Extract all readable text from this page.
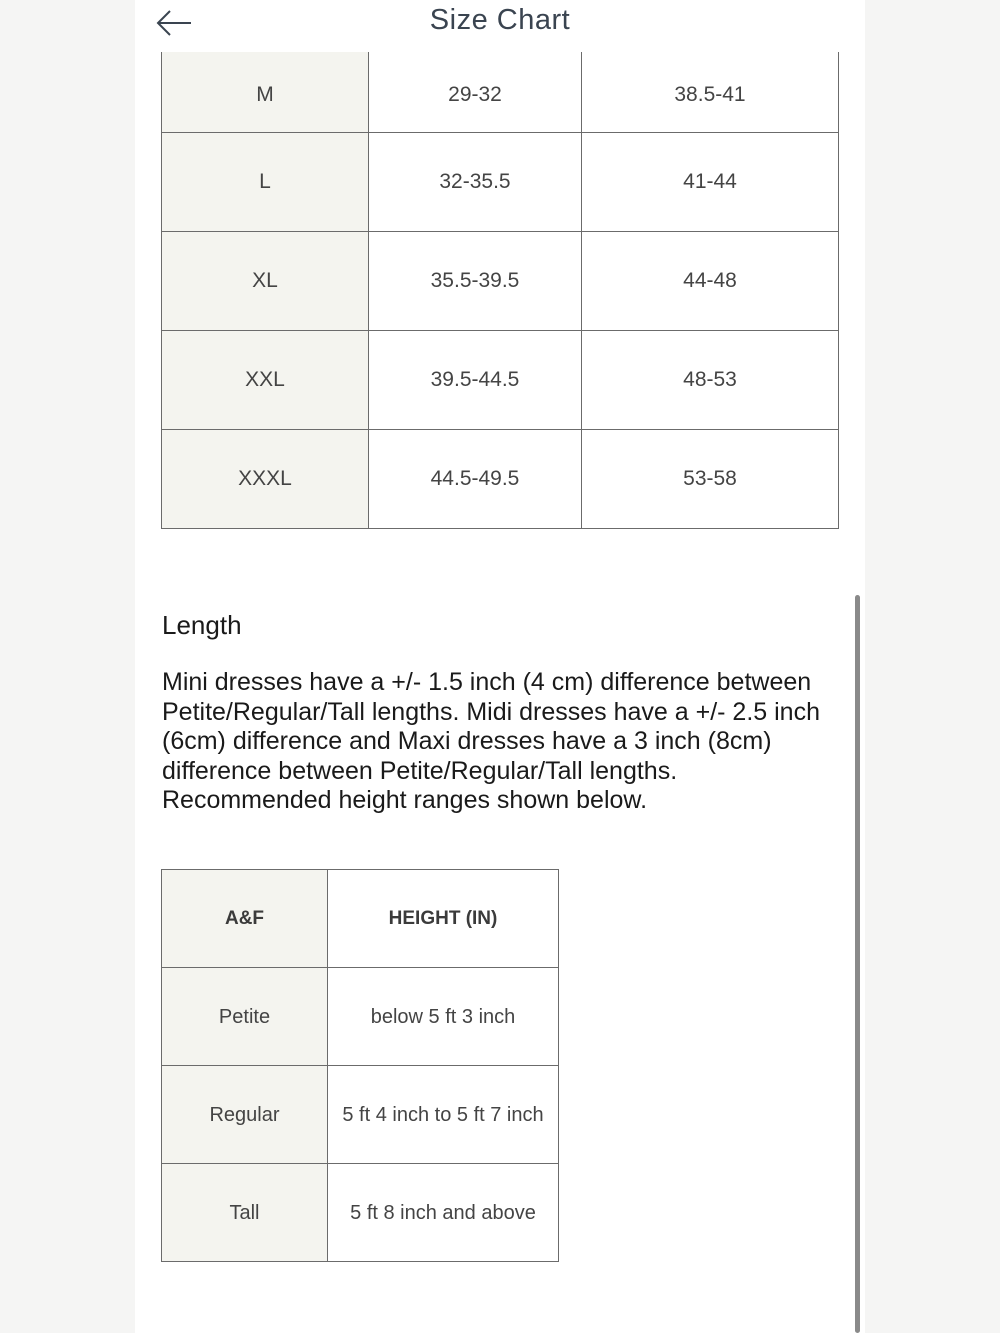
M	29-32	38.5-41
L	32-35.5	41-44
XL	35.5-39.5	44-48
XXL	39.5-44.5	48-53
XXXL	44.5-49.5	53-58
Size Chart
Length
Mini dresses have a +/- 1.5 inch (4 cm) difference between Petite/Regular/Tall lengths. Midi dresses have a +/- 2.5 inch (6cm) difference and Maxi dresses have a 3 inch (8cm) difference between Petite/Regular/Tall lengths. Recommended height ranges shown below.
A&F	HEIGHT (IN)
Petite	below 5 ft 3 inch
Regular	5 ft 4 inch to 5 ft 7 inch
Tall	5 ft 8 inch and above
